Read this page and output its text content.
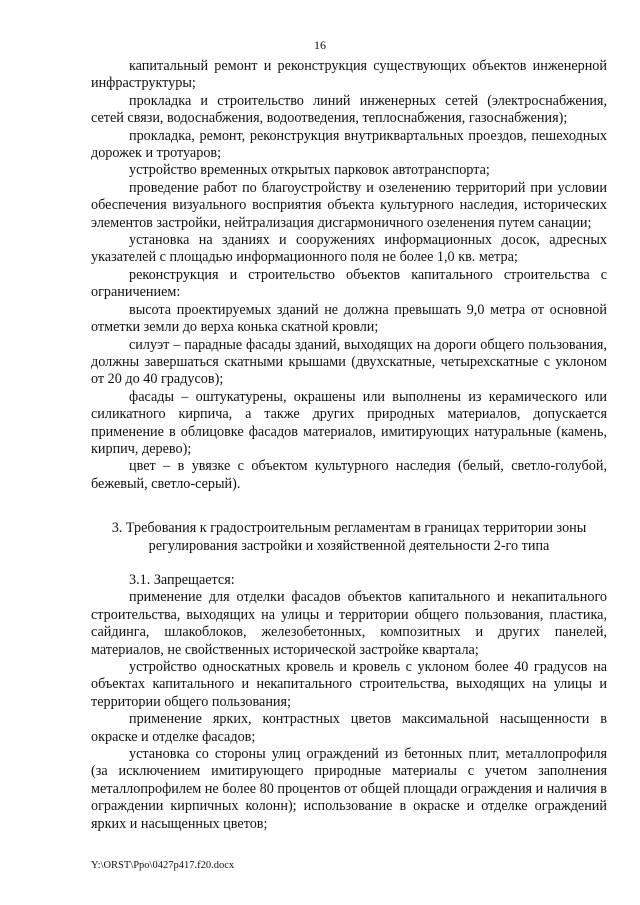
16

капитальный ремонт и реконструкция существующих объектов инженерной инфраструктуры;

прокладка и строительство линий инженерных сетей (электроснабжения, сетей связи, водоснабжения, водоотведения, теплоснабжения, газоснабжения);

прокладка, ремонт, реконструкция внутриквартальных проездов, пешеходных дорожек и тротуаров;

устройство временных открытых парковок автотранспорта;

проведение работ по благоустройству и озеленению территорий при условии обеспечения визуального восприятия объекта культурного наследия, исторических элементов застройки, нейтрализация дисгармоничного озеленения путем санации;

установка на зданиях и сооружениях информационных досок, адресных указателей с площадью информационного поля не более 1,0 кв. метра;

реконструкция и строительство объектов капитального строительства с ограничением:

высота проектируемых зданий не должна превышать 9,0 метра от основной отметки земли до верха конька скатной кровли;

силуэт – парадные фасады зданий, выходящих на дороги общего пользования, должны завершаться скатными крышами (двухскатные, четырехскатные с уклоном от 20 до 40 градусов);

фасады – оштукатурены, окрашены или выполнены из керамического или силикатного кирпича, а также других природных материалов, допускается применение в облицовке фасадов материалов, имитирующих натуральные (камень, кирпич, дерево);

цвет – в увязке с объектом культурного наследия (белый, светло-голубой, бежевый, светло-серый).

3. Требования к градостроительным регламентам в границах территории зоны регулирования застройки и хозяйственной деятельности 2-го типа

3.1. Запрещается:

применение для отделки фасадов объектов капитального и некапитального строительства, выходящих на улицы и территории общего пользования, пластика, сайдинга, шлакоблоков, железобетонных, композитных и других панелей, материалов, не свойственных исторической застройке квартала;

устройство односкатных кровель и кровель с уклоном более 40 градусов на объектах капитального и некапитального строительства, выходящих на улицы и территории общего пользования;

применение ярких, контрастных цветов максимальной насыщенности в окраске и отделке фасадов;

установка со стороны улиц ограждений из бетонных плит, металлопрофиля (за исключением имитирующего природные материалы с учетом заполнения металлопрофилем не более 80 процентов от общей площади ограждения и наличия в ограждении кирпичных колонн); использование в окраске и отделке ограждений ярких и насыщенных цветов;

Y:\ORST\Ppo\0427p417.f20.docx
